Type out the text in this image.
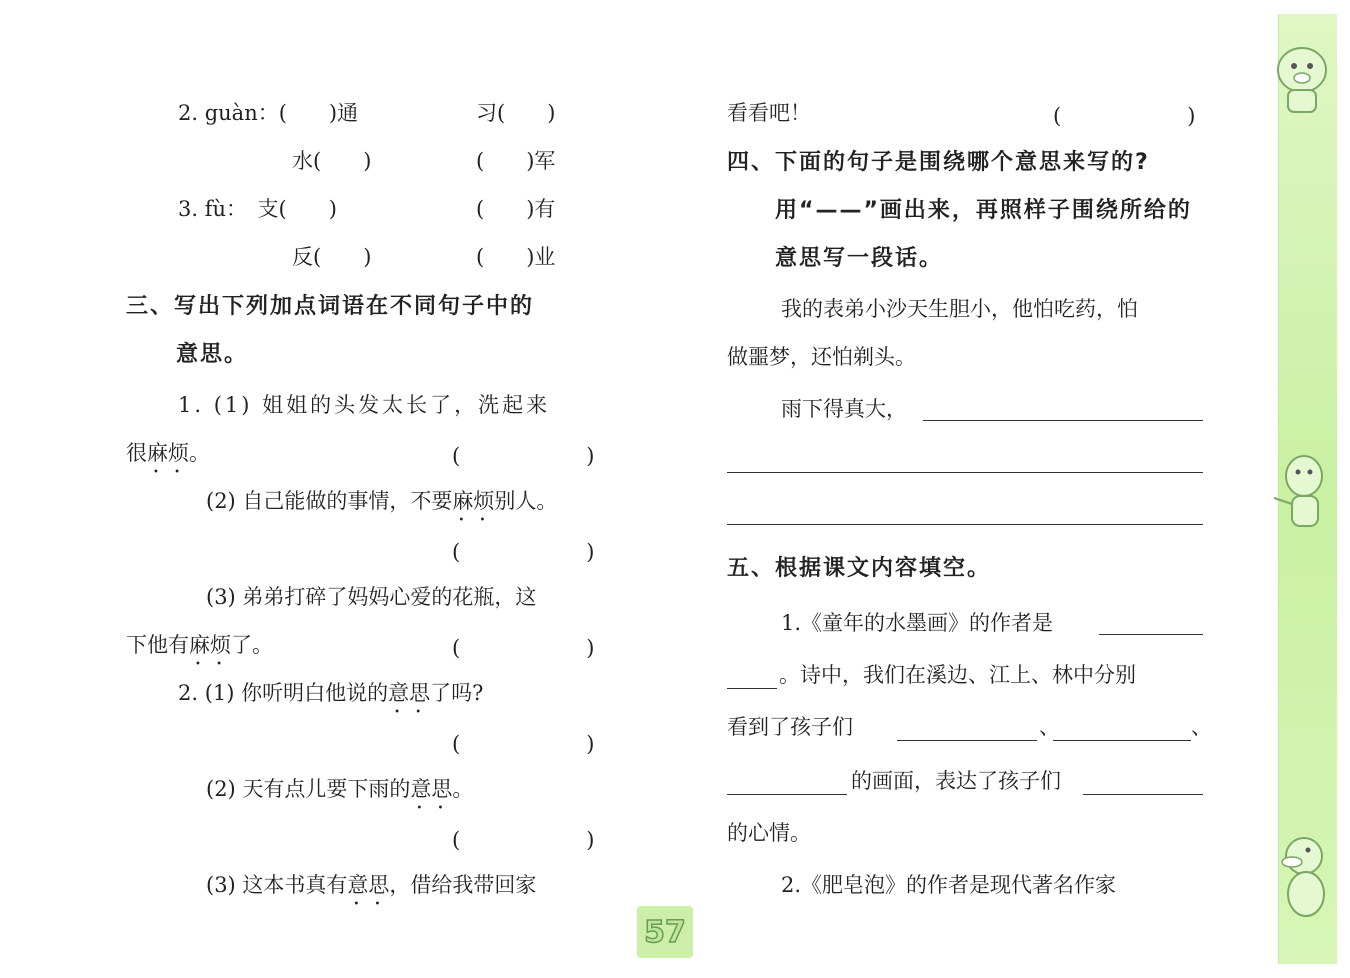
2. guàn：(　　)通	习(　　)
水(　　)	(　　)军
3. fù：　支(　　)	(　　)有
反(　　)	(　　)业
三、写出下列加点词语在不同句子中的
意思。
1. (1) 姐姐的头发太长了，洗起来
很麻烦 • •。	(　　　　　　)
(2) 自己能做的事情，不要麻烦 • •别人。
(　　　　　　)
(3) 弟弟打碎了妈妈心爱的花瓶，这
下他有麻烦 • •了。	(　　　　　　)
2. (1) 你听明白他说的意思 • •了吗?
(　　　　　　)
(2) 天有点儿要下雨的意思 • •。
(　　　　　　)
(3) 这本书真有意思 • •，借给我带回家
看看吧！	(　　　　　　)
四、下面的句子是围绕哪个意思来写的?
用“——”画出来，再照样子围绕所给的
意思写一段话。
我的表弟小沙天生胆小，他怕吃药，怕
做噩梦，还怕剃头。
雨下得真大，
五、根据课文内容填空。
1.《童年的水墨画》的作者是
。诗中，我们在溪边、江上、林中分别
看到了孩子们	、	、
的画面，表达了孩子们
的心情。
2.《肥皂泡》的作者是现代著名作家
57
